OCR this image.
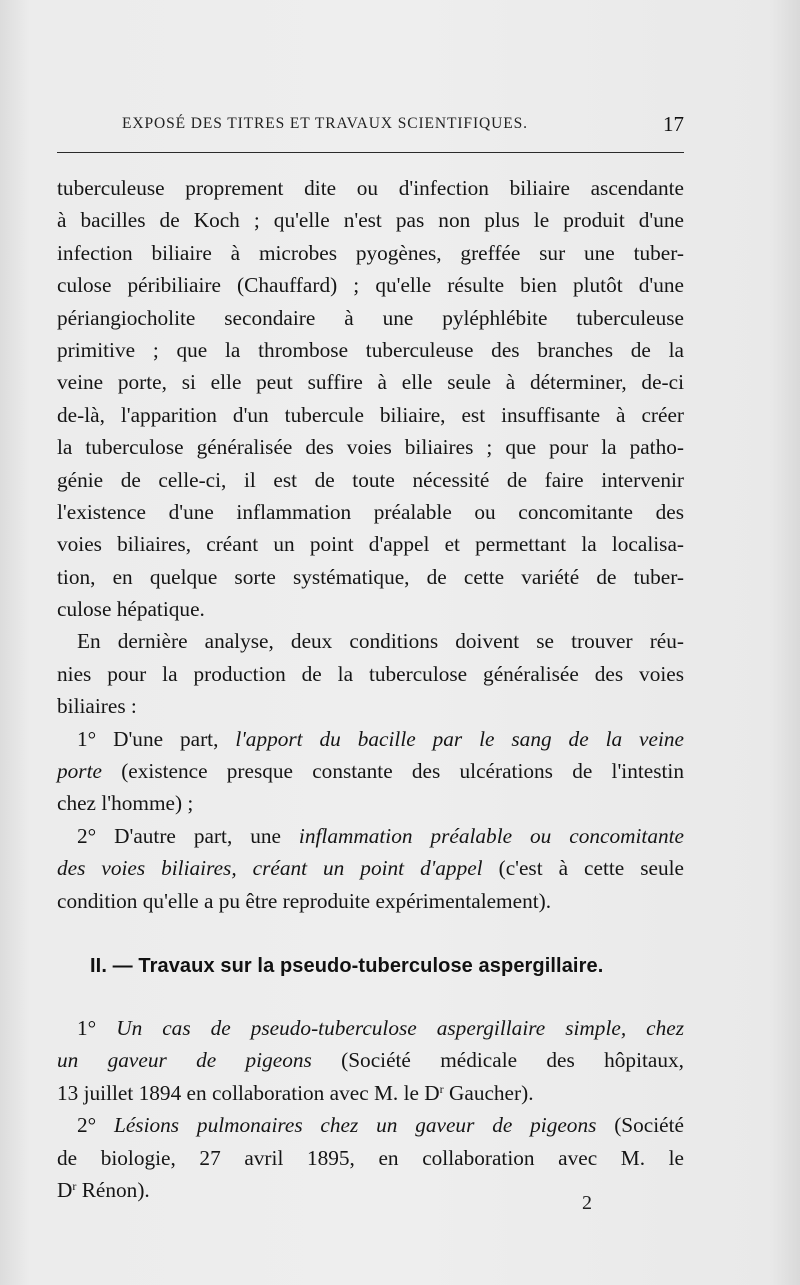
EXPOSÉ DES TITRES ET TRAVAUX SCIENTIFIQUES.	17
tuberculeuse proprement dite ou d'infection biliaire ascendante
à bacilles de Koch ; qu'elle n'est pas non plus le produit d'une
infection biliaire à microbes pyogènes, greffée sur une tuber-
culose péribiliaire (Chauffard) ; qu'elle résulte bien plutôt d'une
périangiocholite secondaire à une pyléphlébite tuberculeuse
primitive ; que la thrombose tuberculeuse des branches de la
veine porte, si elle peut suffire à elle seule à déterminer, de-ci
de-là, l'apparition d'un tubercule biliaire, est insuffisante à créer
la tuberculose généralisée des voies biliaires ; que pour la patho-
génie de celle-ci, il est de toute nécessité de faire intervenir
l'existence d'une inflammation préalable ou concomitante des
voies biliaires, créant un point d'appel et permettant la localisa-
tion, en quelque sorte systématique, de cette variété de tuber-
culose hépatique.
En dernière analyse, deux conditions doivent se trouver réu-
nies pour la production de la tuberculose généralisée des voies
biliaires :
1° D'une part, l'apport du bacille par le sang de la veine
porte (existence presque constante des ulcérations de l'intestin
chez l'homme) ;
2° D'autre part, une inflammation préalable ou concomitante
des voies biliaires, créant un point d'appel (c'est à cette seule
condition qu'elle a pu être reproduite expérimentalement).
II. — Travaux sur la pseudo-tuberculose aspergillaire.
1° Un cas de pseudo-tuberculose aspergillaire simple, chez
un gaveur de pigeons (Société médicale des hôpitaux,
13 juillet 1894 en collaboration avec M. le $D^r$ Gaucher).
2° Lésions pulmonaires chez un gaveur de pigeons (Société
de biologie, 27 avril 1895, en collaboration avec M. le
$D^r$ Rénon).
2
